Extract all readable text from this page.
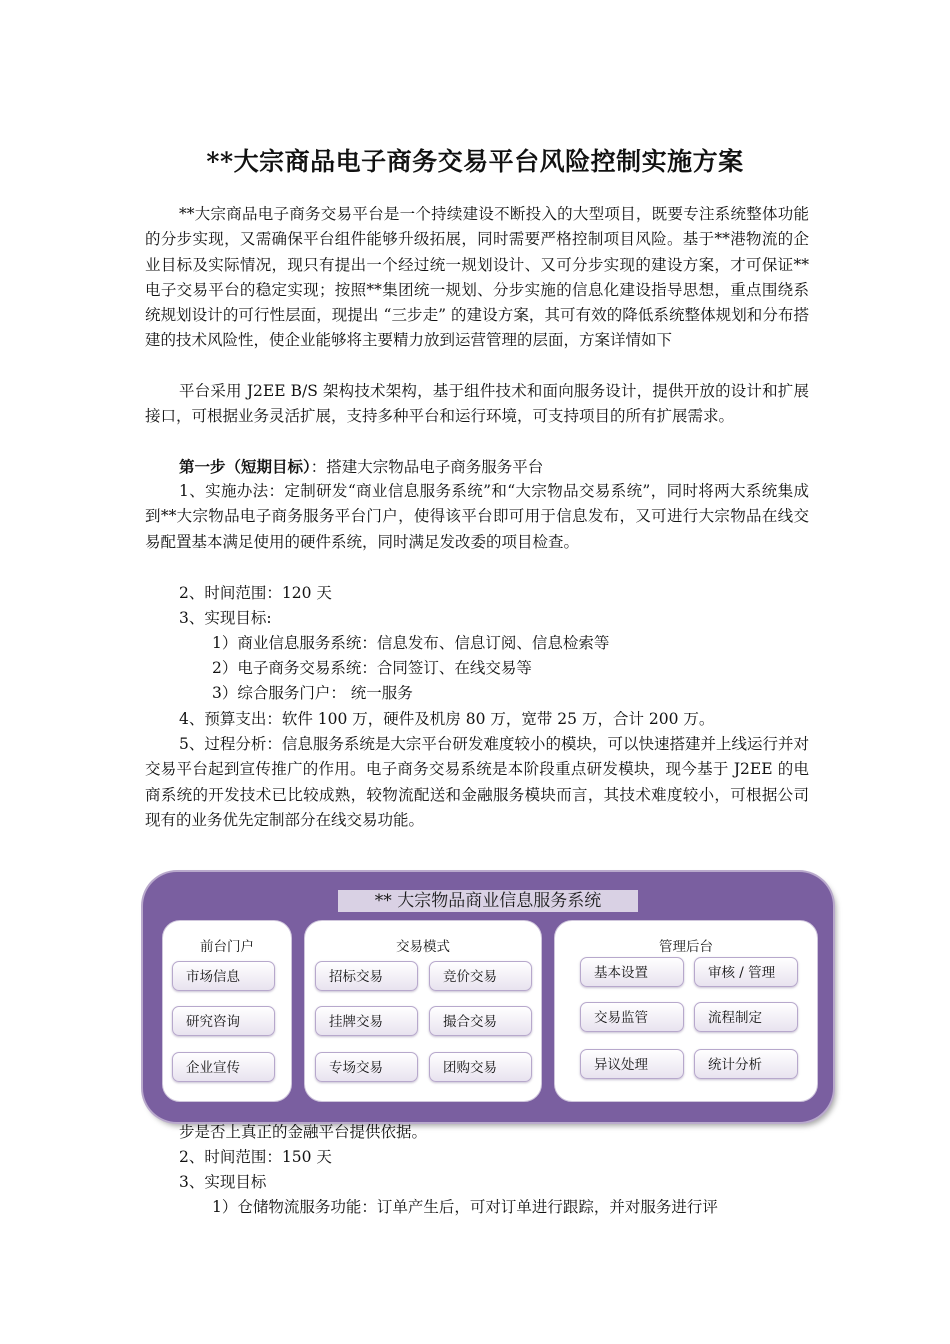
**大宗商品电子商务交易平台风险控制实施方案

**大宗商品电子商务交易平台是一个持续建设不断投入的大型项目，既要专注系统整体功能的分步实现，又需确保平台组件能够升级拓展，同时需要严格控制项目风险。基于**港物流的企业目标及实际情况，现只有提出一个经过统一规划设计、又可分步实现的建设方案，才可保证**电子交易平台的稳定实现；按照**集团统一规划、分步实施的信息化建设指导思想，重点围绕系统规划设计的可行性层面，现提出 “三步走” 的建设方案，其可有效的降低系统整体规划和分布搭建的技术风险性，使企业能够将主要精力放到运营管理的层面，方案详情如下

平台采用 J2EE B/S 架构技术架构，基于组件技术和面向服务设计，提供开放的设计和扩展接口，可根据业务灵活扩展，支持多种平台和运行环境，可支持项目的所有扩展需求。

第一步（短期目标）：搭建大宗物品电子商务服务平台

1、实施办法：定制研发“商业信息服务系统”和“大宗物品交易系统”，同时将两大系统集成到**大宗物品电子商务服务平台门户，使得该平台即可用于信息发布，又可进行大宗物品在线交易配置基本满足使用的硬件系统，同时满足发改委的项目检查。

2、时间范围：120 天
3、实现目标:
1）商业信息服务系统：信息发布、信息订阅、信息检索等
2）电子商务交易系统：合同签订、在线交易等
3）综合服务门户： 统一服务
4、预算支出：软件 100 万，硬件及机房 80 万，宽带 25 万，合计 200 万。

5、过程分析：信息服务系统是大宗平台研发难度较小的模块，可以快速搭建并上线运行并对交易平台起到宣传推广的作用。电子商务交易系统是本阶段重点研发模块，现今基于 J2EE 的电商系统的开发技术已比较成熟，较物流配送和金融服务模块而言，其技术难度较小，可根据公司现有的业务优先定制部分在线交易功能。

步是否上真正的金融平台提供依据。
** 大宗物品商业信息服务系统
前台门户
市场信息
研究咨询
企业宣传
交易模式
招标交易	竞价交易
挂牌交易	撮合交易
专场交易	团购交易
管理后台
基本设置	审核 / 管理
交易监管	流程制定
异议处理	统计分析
2、时间范围：150 天
3、实现目标
1）仓储物流服务功能：订单产生后，可对订单进行跟踪，并对服务进行评
